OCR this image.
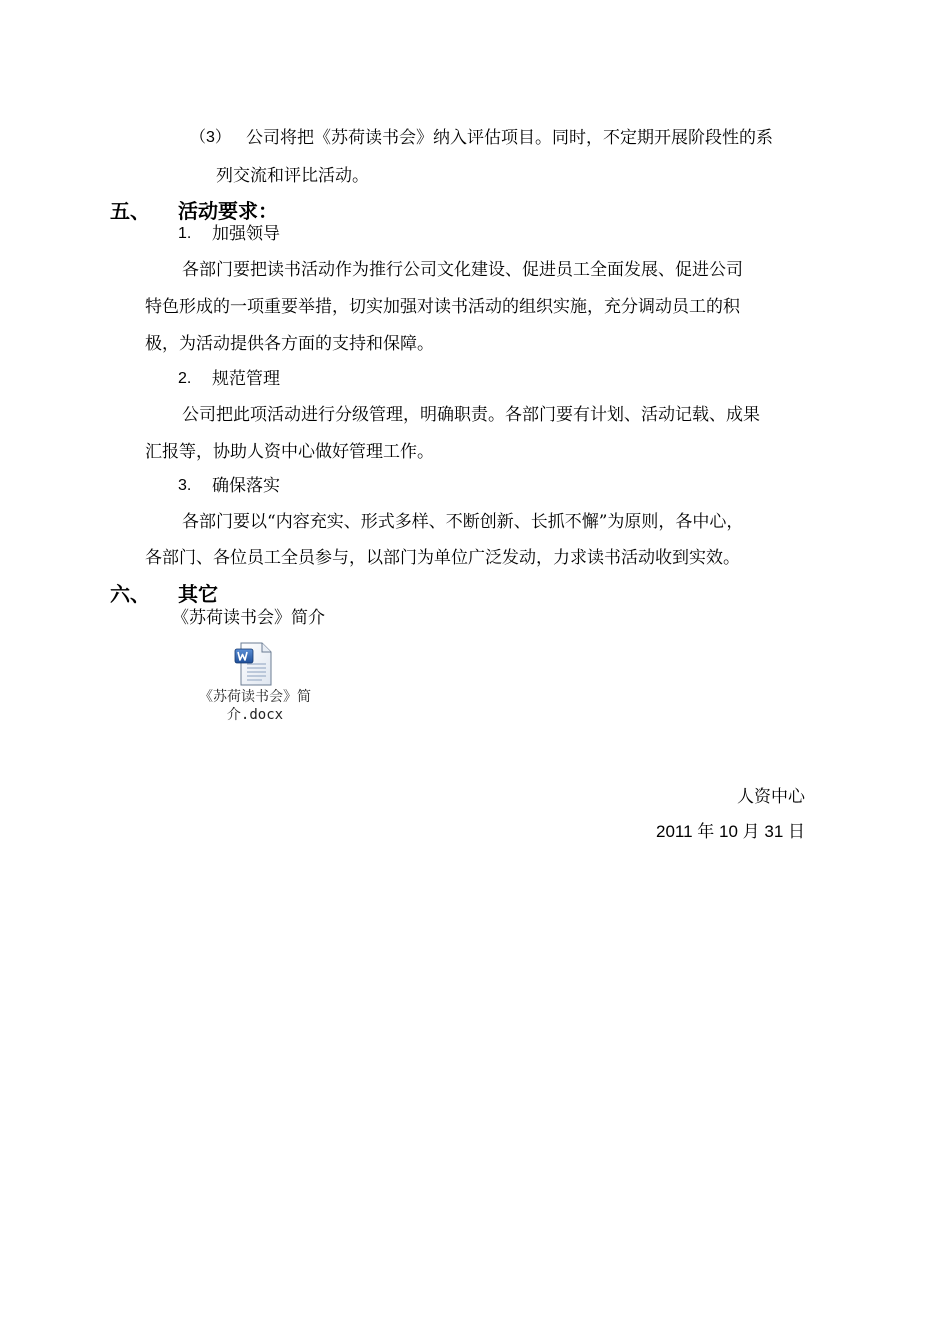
（3） 公司将把《苏荷读书会》纳入评估项目。同时，不定期开展阶段性的系
列交流和评比活动。
五、 活动要求：
1. 加强领导
各部门要把读书活动作为推行公司文化建设、促进员工全面发展、促进公司
特色形成的一项重要举措，切实加强对读书活动的组织实施，充分调动员工的积
极，为活动提供各方面的支持和保障。
2. 规范管理
公司把此项活动进行分级管理，明确职责。各部门要有计划、活动记载、成果
汇报等，协助人资中心做好管理工作。
3. 确保落实
各部门要以“内容充实、形式多样、不断创新、长抓不懈”为原则，各中心，
各部门、各位员工全员参与，以部门为单位广泛发动，力求读书活动收到实效。
六、 其它
《苏荷读书会》简介
《苏荷读书会》简
介.docx
人资中心
2011 年 10 月 31 日
